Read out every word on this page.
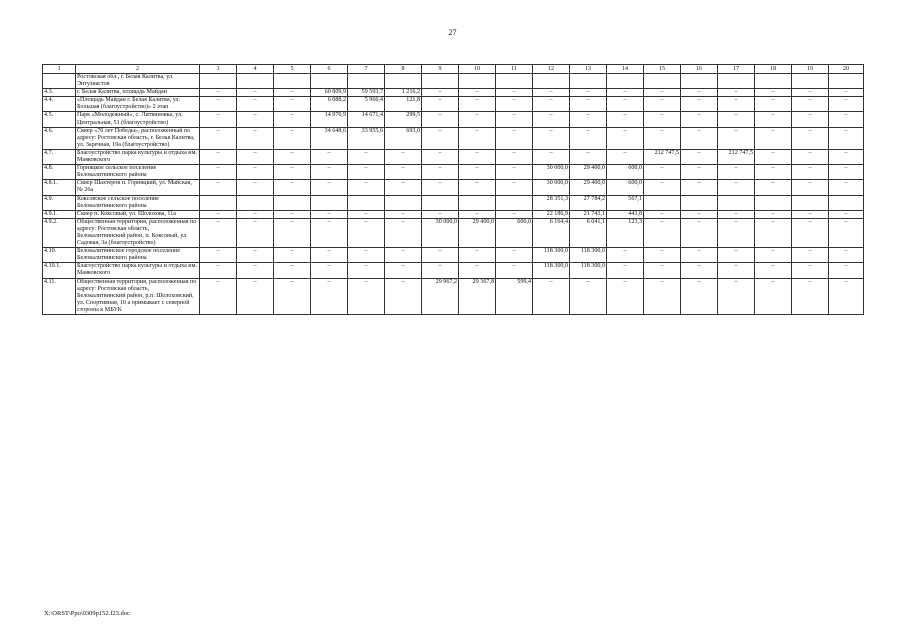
27
1	2	3	4	5	6	7	8	9	10	11	12	13	14	15	16	17	18	19	20
	Ростовская обл., г. Белая Калитва, ул. Энтузиастов																		
4.3.	г. Белая Калитва, площадь Майдан	–	–	–	60 809,9	59 593,7	1 216,2	–	–	–	–	–	–	–	–	–	–	–	–
4.4.	«Площадь Майдан г. Белая Калитва, ул. Большая (благоустройство)» 2 этап	–	–	–	6 088,2	5 966,4	121,8	–	–	–	–	–	–	–	–	–	–	–	–
4.5.	Парк «Молодежный», с. Литвиновка, ул. Центральная, 51 (благоустройство)	–	–	–	14 970,9	14 671,4	299,5	–	–	–	–	–	–	–	–	–	–	–	–
4.6.	Сквер «70 лет Победы», расположенный по адресу: Ростовская область, г. Белая Калитва, ул. Заречная, 19а (благоустройство)	–	–	–	34 648,6	33 955,6	693,0	–	–	–	–	–	–	–	–	–	–	–	–
4.7.	Благоустройство парка культуры и отдыха им. Маяковского	–	–	–	–	–	–	–	–	–	–	–	–	212 747,5	–	212 747,5	–	–	–
4.8.	Горняцкое сельское поселение Белокалитвинского района	–	–	–	–	–	–	–	–	–	30 000,0	29 400,0	600,0	–	–	–	–	–	–
4.8.1.	Сквер Шахтеров п. Горняцкий, ул. Майская, № 26а	–	–	–	–	–	–	–	–	–	30 000,0	29 400,0	600,0	–	–	–	–	–	–
4.9.	Коксовское сельское поселение Белокалитвинского района										28 351,3	27 784,2	567,1						
4.9.1.	Сквер п. Коксовый, ул. Шолохова, 11а	–	–	–	–	–	–	–	–	–	22 186,9	21 743,1	443,8	–	–	–	–	–	–
4.9.2.	Общественная территория, расположенная по адресу: Ростовская область, Белокалитвинский район, п. Коксовый, ул. Садовая, 3а (благоустройство)	–	–	–	–	–	–	30 000,0	29 400,0	600,0	6 164,4	6 041,1	123,3	–	–	–	–	–	–
4.10.	Белокалитвинское городское поселение Белокалитвинского района	–	–	–	–	–	–	–	–	–	118 300,0	118 300,0	–	–	–	–	–	–	–
4.10.1.	Благоустройство парка культуры и отдыха им. Маяковского	–	–	–	–	–	–	–	–	–	118 300,0	118 300,0	–	–	–	–	–	–	–
4.11.	Общественная территория, расположенная по адресу: Ростовская область, Белокалитвинский район, р.п. Шолоховский, ул. Спортивная, 10 а примыкает с северной стороны к МБУК	–	–	–	–	–	–	29 967,2	29 367,8	599,4	–	–	–	–	–	–	–	–	–
X:\ORST\Ppo\0309p152.f23.doc
